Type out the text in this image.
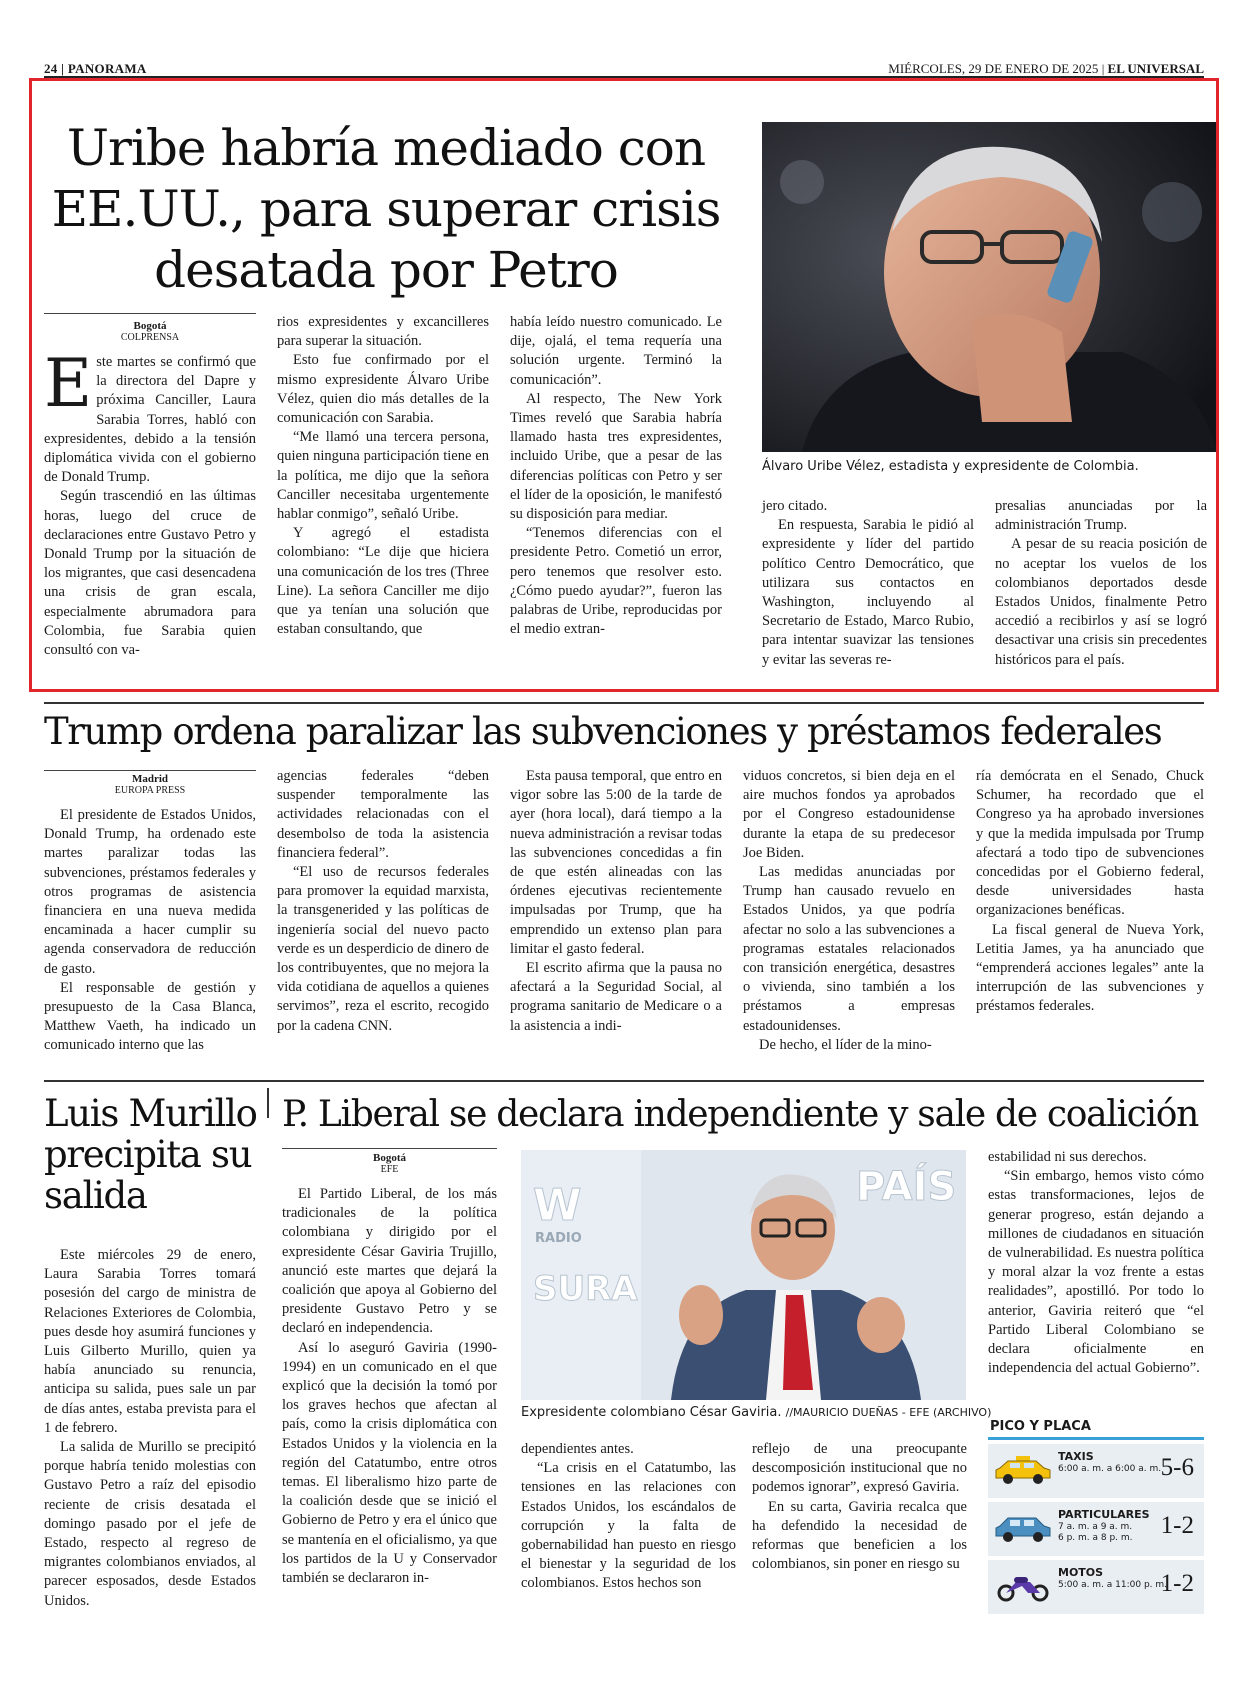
24 | PANORAMA	MIÉRCOLES, 29 DE ENERO DE 2025 | EL UNIVERSAL
Uribe habría mediado con EE.UU., para superar crisis desatada por Petro
Bogotá
COLPRENSA
E ste martes se confirmó que la directora del Dapre y próxima Canciller, Laura Sarabia Torres, habló con expresidentes, debido a la tensión diplomática vivida con el gobierno de Donald Trump.

Según trascendió en las últimas horas, luego del cruce de declaraciones entre Gustavo Petro y Donald Trump por la situación de los migrantes, que casi desencadena una crisis de gran escala, especialmente abrumadora para Colombia, fue Sarabia quien consultó con va-

rios expresidentes y excancilleres para superar la situación.

Esto fue confirmado por el mismo expresidente Álvaro Uribe Vélez, quien dio más detalles de la comunicación con Sarabia.

“Me llamó una tercera persona, quien ninguna participación tiene en la política, me dijo que la señora Canciller necesitaba urgentemente hablar conmigo”, señaló Uribe.

Y agregó el estadista colombiano: “Le dije que hiciera una comunicación de los tres (Three Line). La señora Canciller me dijo que ya tenían una solución que estaban consultando, que

había leído nuestro comunicado. Le dije, ojalá, el tema requería una solución urgente. Terminó la comunicación”.

Al respecto, The New York Times reveló que Sarabia habría llamado hasta tres expresidentes, incluido Uribe, que a pesar de las diferencias políticas con Petro y ser el líder de la oposición, le manifestó su disposición para mediar.

“Tenemos diferencias con el presidente Petro. Cometió un error, pero tenemos que resolver esto. ¿Cómo puedo ayudar?”, fueron las palabras de Uribe, reproducidas por el medio extran-

Álvaro Uribe Vélez, estadista y expresidente de Colombia.

jero citado.

En respuesta, Sarabia le pidió al expresidente y líder del partido político Centro Democrático, que utilizara sus contactos en Washington, incluyendo al Secretario de Estado, Marco Rubio, para intentar suavizar las tensiones y evitar las severas re-

presalias anunciadas por la administración Trump.

A pesar de su reacia posición de no aceptar los vuelos de los colombianos deportados desde Estados Unidos, finalmente Petro accedió a recibirlos y así se logró desactivar una crisis sin precedentes históricos para el país.

Trump ordena paralizar las subvenciones y préstamos federales
Madrid
EUROPA PRESS

El presidente de Estados Unidos, Donald Trump, ha ordenado este martes paralizar todas las subvenciones, préstamos federales y otros programas de asistencia financiera en una nueva medida encaminada a hacer cumplir su agenda conservadora de reducción de gasto.

El responsable de gestión y presupuesto de la Casa Blanca, Matthew Vaeth, ha indicado un comunicado interno que las

agencias federales “deben suspender temporalmente las actividades relacionadas con el desembolso de toda la asistencia financiera federal”.

“El uso de recursos federales para promover la equidad marxista, la transgenerided y las políticas de ingeniería social del nuevo pacto verde es un desperdicio de dinero de los contribuyentes, que no mejora la vida cotidiana de aquellos a quienes servimos”, reza el escrito, recogido por la cadena CNN.

Esta pausa temporal, que entro en vigor sobre las 5:00 de la tarde de ayer (hora local), dará tiempo a la nueva administración a revisar todas las subvenciones concedidas a fin de que estén alineadas con las órdenes ejecutivas recientemente impulsadas por Trump, que ha emprendido un extenso plan para limitar el gasto federal.

El escrito afirma que la pausa no afectará a la Seguridad Social, al programa sanitario de Medicare o a la asistencia a indi-

viduos concretos, si bien deja en el aire muchos fondos ya aprobados por el Congreso estadounidense durante la etapa de su predecesor Joe Biden.

Las medidas anunciadas por Trump han causado revuelo en Estados Unidos, ya que podría afectar no solo a las subvenciones a programas estatales relacionados con transición energética, desastres o vivienda, sino también a los préstamos a empresas estadounidenses.

De hecho, el líder de la mino-

ría demócrata en el Senado, Chuck Schumer, ha recordado que el Congreso ya ha aprobado inversiones y que la medida impulsada por Trump afectará a todo tipo de subvenciones concedidas por el Gobierno federal, desde universidades hasta organizaciones benéficas.

La fiscal general de Nueva York, Letitia James, ya ha anunciado que “emprenderá acciones legales” ante la interrupción de las subvenciones y préstamos federales.

Luis Murillo precipita su salida

Este miércoles 29 de enero, Laura Sarabia Torres tomará posesión del cargo de ministra de Relaciones Exteriores de Colombia, pues desde hoy asumirá funciones y Luis Gilberto Murillo, quien ya había anunciado su renuncia, anticipa su salida, pues sale un par de días antes, estaba prevista para el 1 de febrero.

La salida de Murillo se precipitó porque habría tenido molestias con Gustavo Petro a raíz del episodio reciente de crisis desatada el domingo pasado por el jefe de Estado, respecto al regreso de migrantes colombianos enviados, al parecer esposados, desde Estados Unidos.

P. Liberal se declara independiente y sale de coalición
Bogotá
EFE

El Partido Liberal, de los más tradicionales de la política colombiana y dirigido por el expresidente César Gaviria Trujillo, anunció este martes que dejará la coalición que apoya al Gobierno del presidente Gustavo Petro y se declaró en independencia.

Así lo aseguró Gaviria (1990-1994) en un comunicado en el que explicó que la decisión la tomó por los graves hechos que afectan al país, como la crisis diplomática con Estados Unidos y la violencia en la región del Catatumbo, entre otros temas. El liberalismo hizo parte de la coalición desde que se inició el Gobierno de Petro y era el único que se mantenía en el oficialismo, ya que los partidos de la U y Conservador también se declararon in-

W
RADIO
SURA
PAÍS
Expresidente colombiano César Gaviria. //MAURICIO DUEÑAS - EFE (ARCHIVO)

dependientes antes.

“La crisis en el Catatumbo, las tensiones en las relaciones con Estados Unidos, los escándalos de corrupción y la falta de gobernabilidad han puesto en riesgo el bienestar y la seguridad de los colombianos. Estos hechos son

reflejo de una preocupante descomposición institucional que no podemos ignorar”, expresó Gaviria.

En su carta, Gaviria recalca que ha defendido la necesidad de reformas que beneficien a los colombianos, sin poner en riesgo su

estabilidad ni sus derechos.

“Sin embargo, hemos visto cómo estas transformaciones, lejos de generar progreso, están dejando a millones de ciudadanos en situación de vulnerabilidad. Es nuestra política y moral alzar la voz frente a estas realidades”, apostilló. Por todo lo anterior, Gaviria reiteró que “el Partido Liberal Colombiano se declara oficialmente en independencia del actual Gobierno”.

PICO Y PLACA
TAXIS
6:00 a. m. a 6:00 a. m. 5-6
PARTICULARES
7 a. m. a 9 a. m.
6 p. m. a 8 p. m. 1-2
MOTOS
5:00 a. m. a 11:00 p. m.
1-2
